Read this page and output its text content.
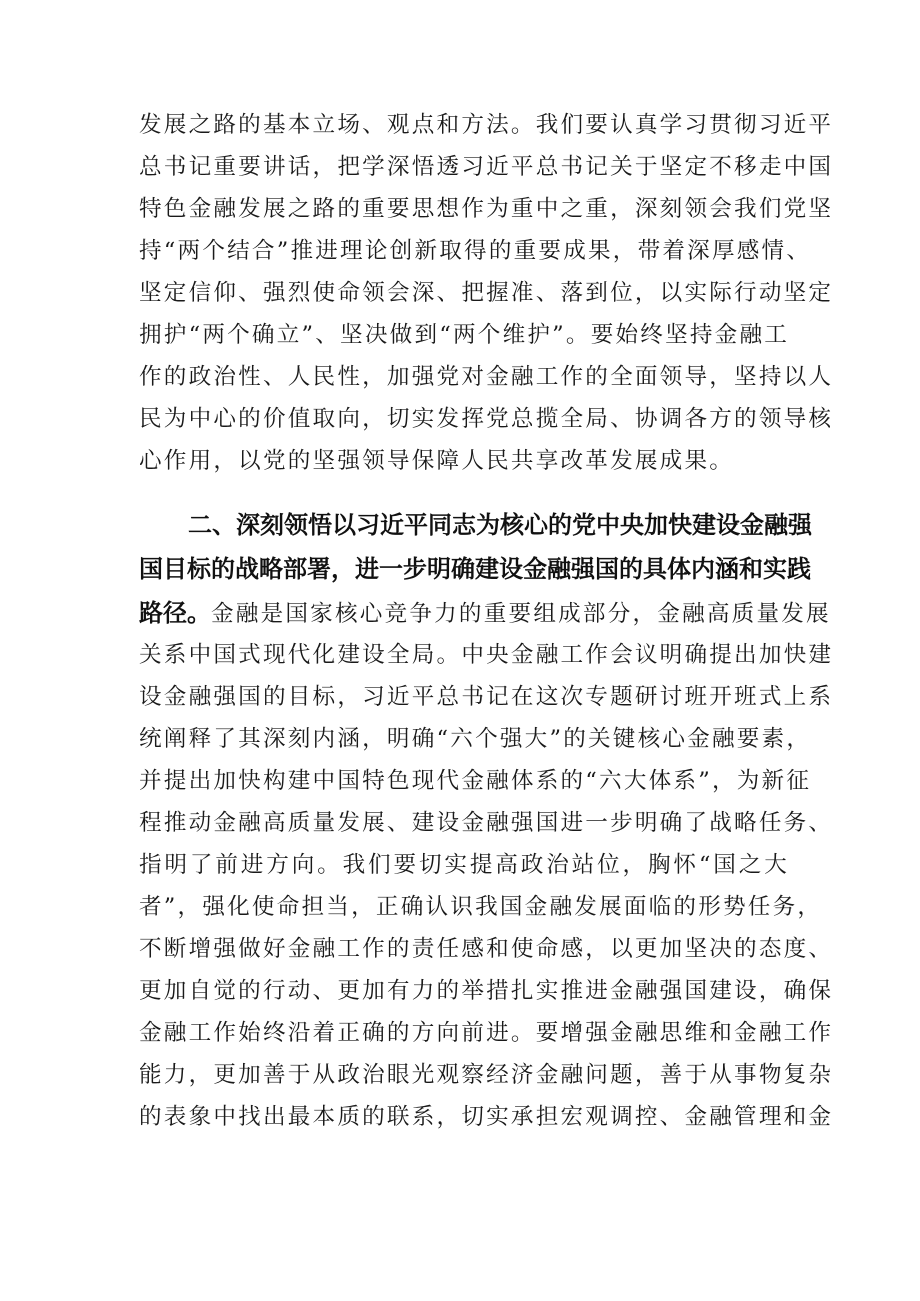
发展之路的基本立场、观点和方法。我们要认真学习贯彻习近平
总书记重要讲话，把学深悟透习近平总书记关于坚定不移走中国
特色金融发展之路的重要思想作为重中之重，深刻领会我们党坚
持“两个结合”推进理论创新取得的重要成果，带着深厚感情、
坚定信仰、强烈使命领会深、把握准、落到位，以实际行动坚定
拥护“两个确立”、坚决做到“两个维护”。要始终坚持金融工
作的政治性、人民性，加强党对金融工作的全面领导，坚持以人
民为中心的价值取向，切实发挥党总揽全局、协调各方的领导核
心作用，以党的坚强领导保障人民共享改革发展成果。
二、深刻领悟以习近平同志为核心的党中央加快建设金融强
国目标的战略部署，进一步明确建设金融强国的具体内涵和实践
路径。金融是国家核心竞争力的重要组成部分，金融高质量发展
关系中国式现代化建设全局。中央金融工作会议明确提出加快建
设金融强国的目标，习近平总书记在这次专题研讨班开班式上系
统阐释了其深刻内涵，明确“六个强大”的关键核心金融要素，
并提出加快构建中国特色现代金融体系的“六大体系”，为新征
程推动金融高质量发展、建设金融强国进一步明确了战略任务、
指明了前进方向。我们要切实提高政治站位，胸怀“国之大
者”，强化使命担当，正确认识我国金融发展面临的形势任务，
不断增强做好金融工作的责任感和使命感，以更加坚决的态度、
更加自觉的行动、更加有力的举措扎实推进金融强国建设，确保
金融工作始终沿着正确的方向前进。要增强金融思维和金融工作
能力，更加善于从政治眼光观察经济金融问题，善于从事物复杂
的表象中找出最本质的联系，切实承担宏观调控、金融管理和金
